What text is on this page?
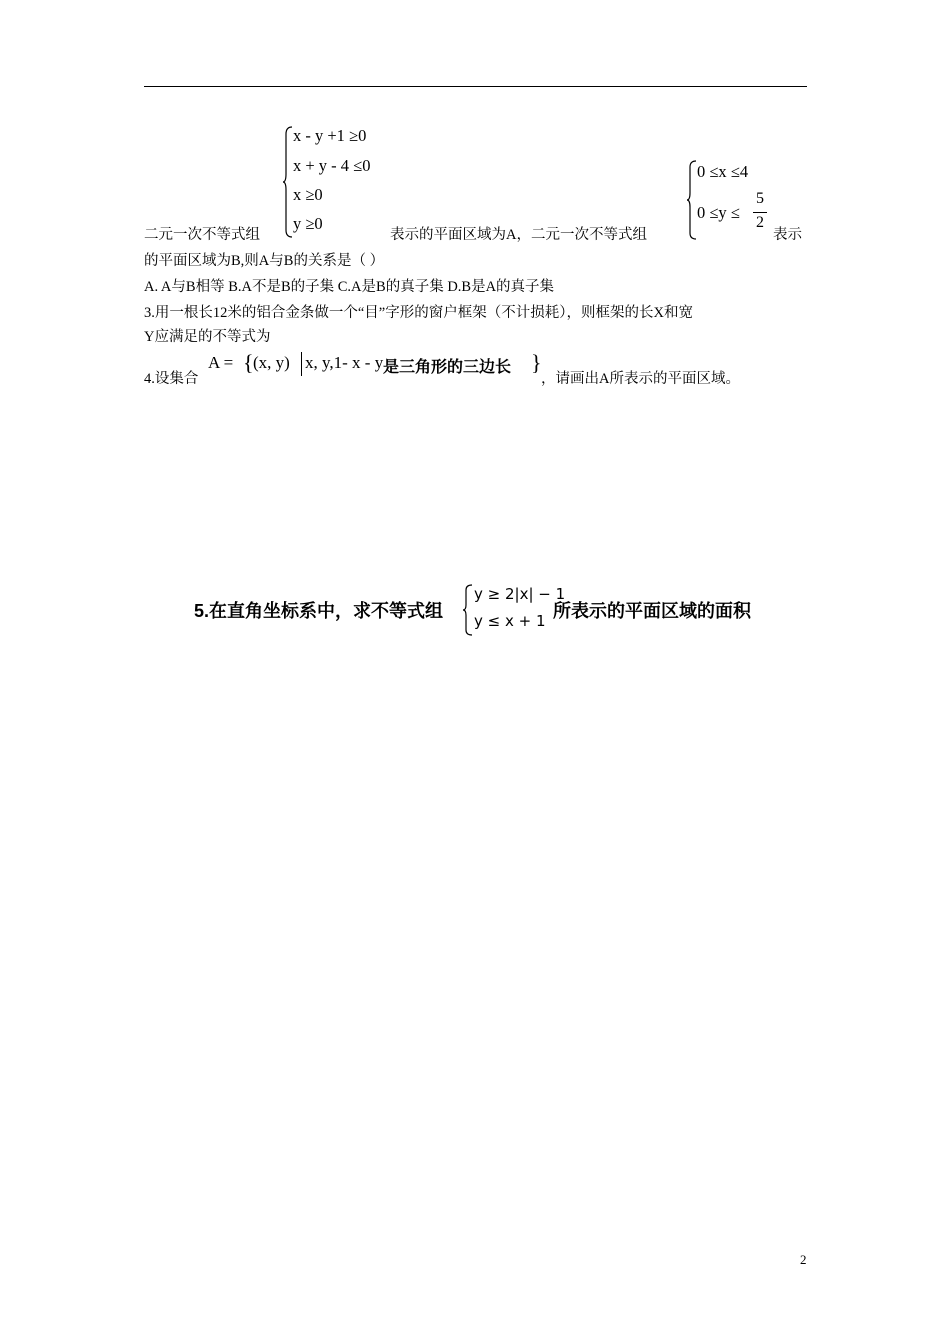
x - y +1 ≥0
x + y - 4 ≤0
x ≥0
y ≥0
0 ≤x ≤4
0 ≤y ≤
5
2
二元一次不等式组	表示的平面区域为A，二元一次不等式组	表示
的平面区域为B,则A与B的关系是（ ）
A. A与B相等 B.A不是B的子集 C.A是B的真子集 D.B是A的真子集
3.用一根长12米的铝合金条做一个“目”字形的窗户框架（不计损耗），则框架的长X和宽
Y应满足的不等式为
4.设集合
A = { (x, y) x, y,1- x - y 是三角形的三边长 }
，请画出A所表示的平面区域。
5.在直角坐标系中，求不等式组
y ≥ 2|x| − 1
y ≤ x + 1 所表示的平面区域的面积
2
